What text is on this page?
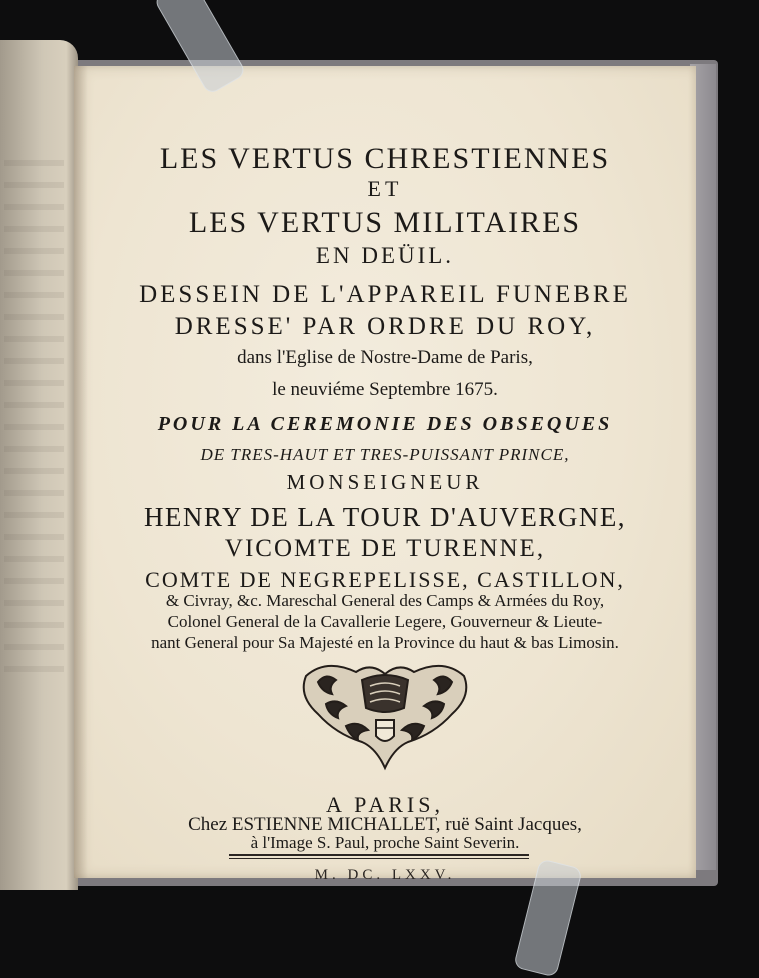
LES VERTUS CHRESTIENNES
ET
LES VERTUS MILITAIRES
EN DEÜIL.
DESSEIN DE L'APPAREIL FUNEBRE
DRESSE' PAR ORDRE DU ROY,
dans l'Eglise de Nostre-Dame de Paris,
le neuviéme Septembre 1675.
POUR LA CEREMONIE DES OBSEQUES
DE TRES-HAUT ET TRES-PUISSANT PRINCE,
MONSEIGNEUR
HENRY DE LA TOUR D'AUVERGNE,
VICOMTE DE TURENNE,
COMTE DE NEGREPELISSE, CASTILLON,
& Civray, &c. Mareschal General des Camps & Armées du Roy,
Colonel General de la Cavallerie Legere, Gouverneur & Lieute-
nant General pour Sa Majesté en la Province du haut & bas Limosin.
A PARIS,
Chez ESTIENNE MICHALLET, ruë Saint Jacques,
à l'Image S. Paul, proche Saint Severin.
M. DC. LXXV.
